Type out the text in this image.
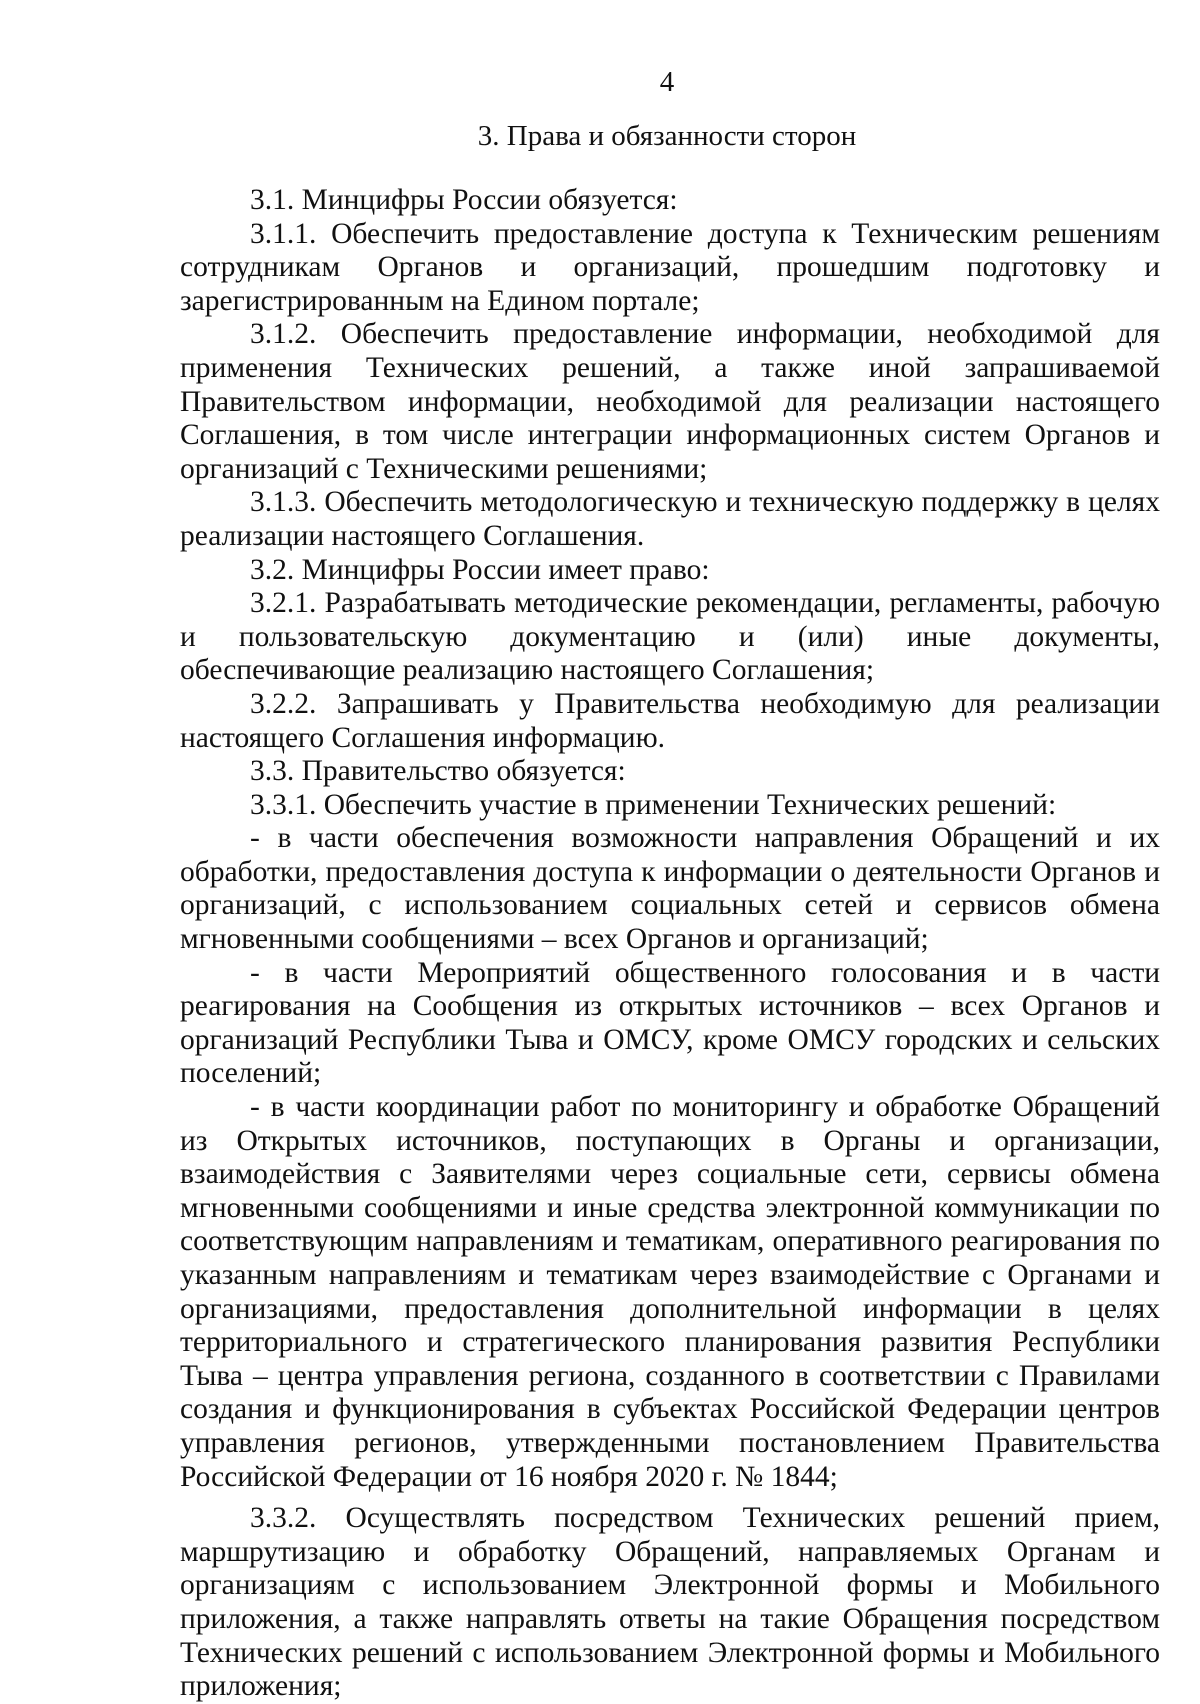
4
3. Права и обязанности сторон

3.1. Минцифры России обязуется:

3.1.1. Обеспечить предоставление доступа к Техническим решениям сотрудникам Органов и организаций, прошедшим подготовку и зарегистрированным на Едином портале;

3.1.2. Обеспечить предоставление информации, необходимой для применения Технических решений, а также иной запрашиваемой Правительством информации, необходимой для реализации настоящего Соглашения, в том числе интеграции информационных систем Органов и организаций с Техническими решениями;

3.1.3. Обеспечить методологическую и техническую поддержку в целях реализации настоящего Соглашения.

3.2. Минцифры России имеет право:

3.2.1. Разрабатывать методические рекомендации, регламенты, рабочую и пользовательскую документацию и (или) иные документы, обеспечивающие реализацию настоящего Соглашения;

3.2.2. Запрашивать у Правительства необходимую для реализации настоящего Соглашения информацию.

3.3. Правительство обязуется:

3.3.1. Обеспечить участие в применении Технических решений:

- в части обеспечения возможности направления Обращений и их обработки, предоставления доступа к информации о деятельности Органов и организаций, с использованием социальных сетей и сервисов обмена мгновенными сообщениями – всех Органов и организаций;

- в части Мероприятий общественного голосования и в части реагирования на Сообщения из открытых источников – всех Органов и организаций Республики Тыва и ОМСУ, кроме ОМСУ городских и сельских поселений;

- в части координации работ по мониторингу и обработке Обращений из Открытых источников, поступающих в Органы и организации, взаимодействия с Заявителями через социальные сети, сервисы обмена мгновенными сообщениями и иные средства электронной коммуникации по соответствующим направлениям и тематикам, оперативного реагирования по указанным направлениям и тематикам через взаимодействие с Органами и организациями, предоставления дополнительной информации в целях территориального и стратегического планирования развития Республики Тыва – центра управления региона, созданного в соответствии с Правилами создания и функционирования в субъектах Российской Федерации центров управления регионов, утвержденными постановлением Правительства Российской Федерации от 16 ноября 2020 г. № 1844;

3.3.2. Осуществлять посредством Технических решений прием, маршрутизацию и обработку Обращений, направляемых Органам и организациям с использованием Электронной формы и Мобильного приложения, а также направлять ответы на такие Обращения посредством Технических решений с использованием Электронной формы и Мобильного приложения;
